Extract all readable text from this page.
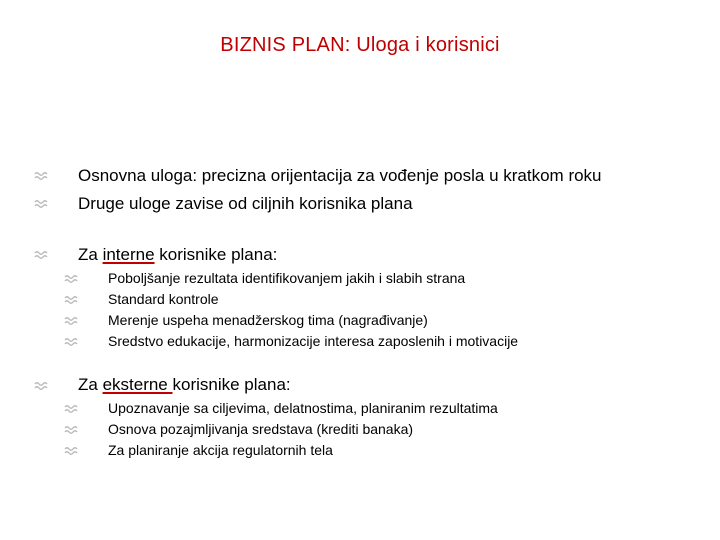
BIZNIS PLAN: Uloga i korisnici
Osnovna uloga: precizna orijentacija za vođenje posla u kratkom roku
Druge uloge zavise od ciljnih korisnika plana
Za interne korisnike plana:
Poboljšanje rezultata identifikovanjem jakih i slabih strana
Standard kontrole
Merenje uspeha menadžerskog tima (nagrađivanje)
Sredstvo edukacije, harmonizacije interesa zaposlenih i motivacije
Za eksterne korisnike plana:
Upoznavanje sa ciljevima, delatnostima, planiranim rezultatima
Osnova pozajmljivanja sredstava (krediti banaka)
Za planiranje akcija regulatornih tela
